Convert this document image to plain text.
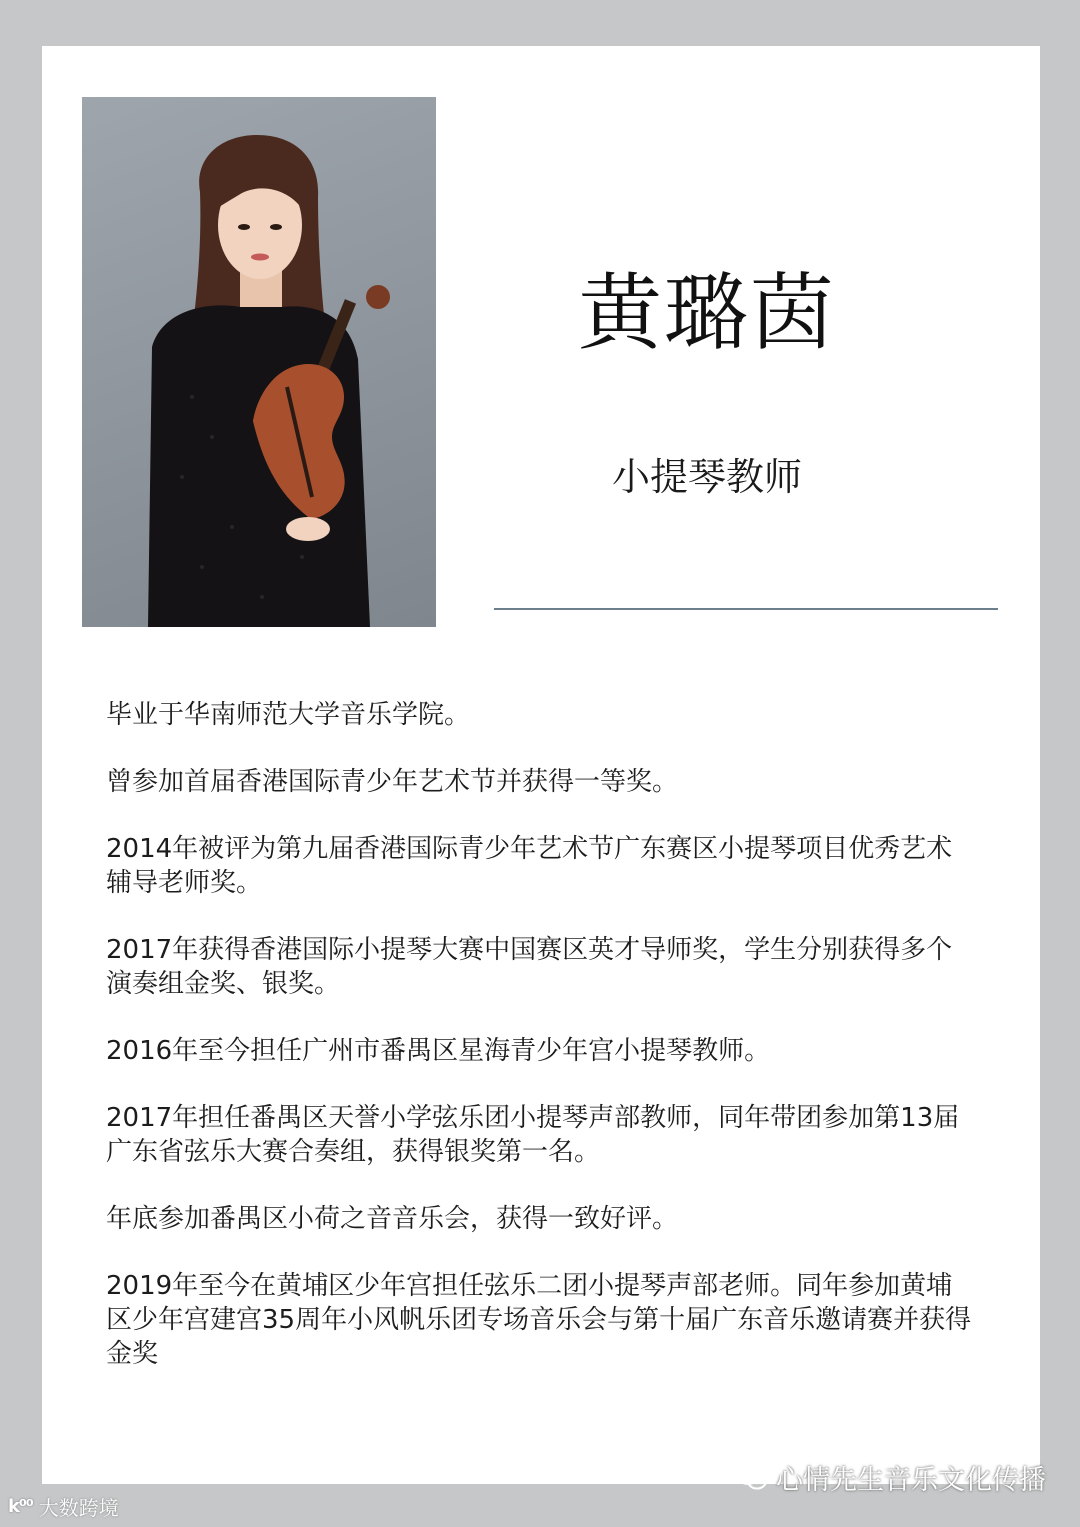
黄璐茵
小提琴教师
毕业于华南师范大学音乐学院。
曾参加首届香港国际青少年艺术节并获得一等奖。
2014年被评为第九届香港国际青少年艺术节广东赛区小提琴项目优秀艺术辅导老师奖。
2017年获得香港国际小提琴大赛中国赛区英才导师奖，学生分别获得多个演奏组金奖、银奖。
2016年至今担任广州市番禺区星海青少年宫小提琴教师。
2017年担任番禺区天誉小学弦乐团小提琴声部教师，同年带团参加第13届广东省弦乐大赛合奏组，获得银奖第一名。
年底参加番禺区小荷之音音乐会，获得一致好评。
2019年至今在黄埔区少年宫担任弦乐二团小提琴声部老师。同年参加黄埔区少年宫建宫35周年小风帆乐团专场音乐会与第十届广东音乐邀请赛并获得金奖
k⁰⁰ 大数跨境
心情先生音乐文化传播
